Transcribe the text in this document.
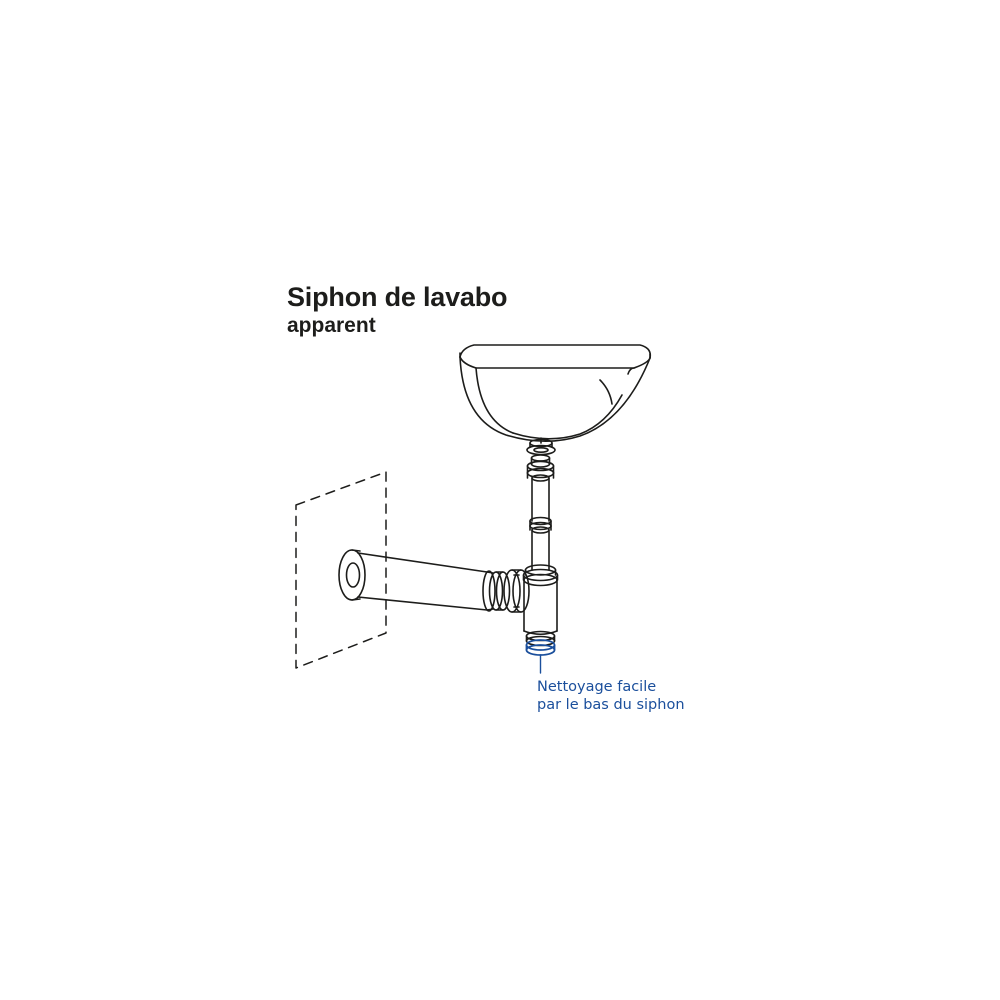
Siphon de lavabo
apparent
Nettoyage facile
par le bas du siphon
